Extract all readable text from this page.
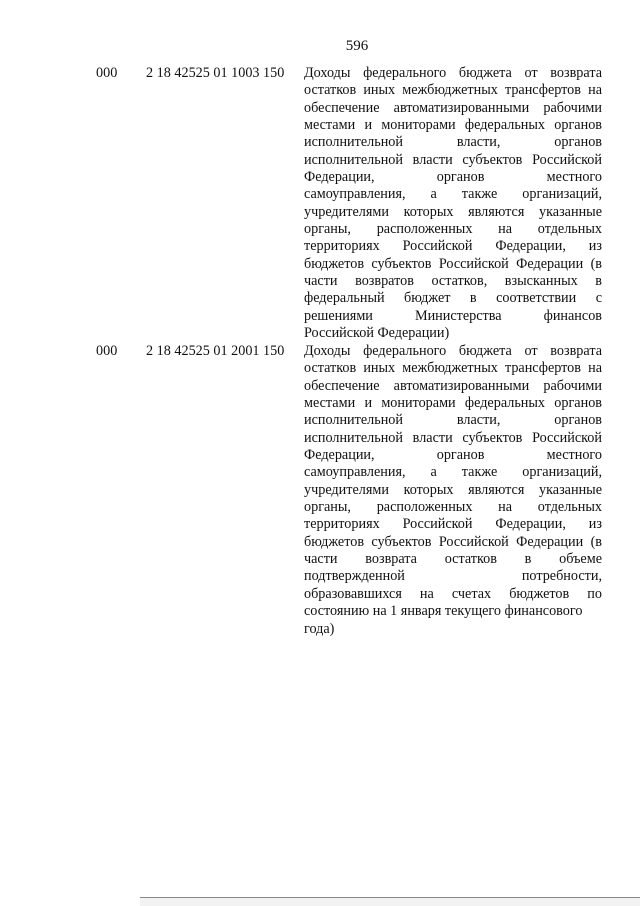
596
000 2 18 42525 01 1003 150 Доходы федерального бюджета от возврата
остатков иных межбюджетных трансфертов на
обеспечение автоматизированными рабочими
местами и мониторами федеральных органов
исполнительной власти, органов
исполнительной власти субъектов Российской
Федерации, органов местного
самоуправления, а также организаций,
учредителями которых являются указанные
органы, расположенных на отдельных
территориях Российской Федерации, из
бюджетов субъектов Российской Федерации (в
части возвратов остатков, взысканных в
федеральный бюджет в соответствии с
решениями Министерства финансов
Российской Федерации)
000 2 18 42525 01 2001 150 Доходы федерального бюджета от возврата
остатков иных межбюджетных трансфертов на
обеспечение автоматизированными рабочими
местами и мониторами федеральных органов
исполнительной власти, органов
исполнительной власти субъектов Российской
Федерации, органов местного
самоуправления, а также организаций,
учредителями которых являются указанные
органы, расположенных на отдельных
территориях Российской Федерации, из
бюджетов субъектов Российской Федерации (в
части возврата остатков в объеме
подтвержденной потребности,
образовавшихся на счетах бюджетов по
состоянию на 1 января текущего финансового
года)
